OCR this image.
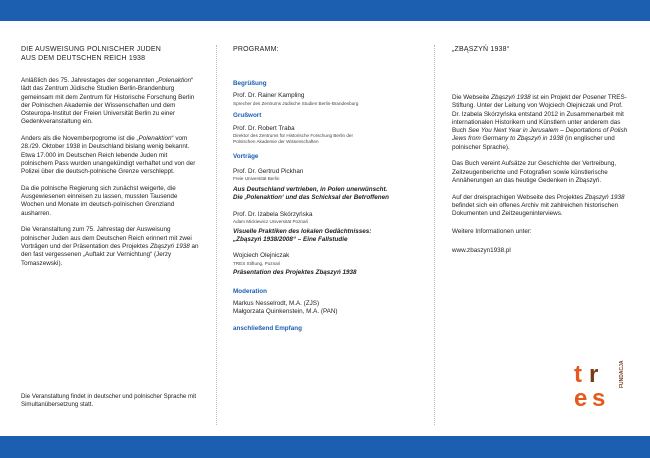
DIE AUSWEISUNG POLNISCHER JUDEN
AUS DEM DEUTSCHEN REICH 1938

Anläßlich des 75. Jahrestages der sogenannten „Polenaktion“ lädt das Zentrum Jüdische Studien Berlin-Brandenburg gemeinsam mit dem Zentrum für Historische Forschung Berlin der Polnischen Akademie der Wissenschaften und dem Osteuropa-Institut der Freien Universität Berlin zu einer Gedenkveranstaltung ein.

Anders als die Novemberpogrome ist die „Polenaktion“ vom 28./29. Oktober 1938 in Deutschland bislang wenig bekannt. Etwa 17.000 im Deutschen Reich lebende Juden mit polnischem Pass wurden unangekündigt verhaftet und von der Polizei über die deutsch-polnische Grenze verschleppt.

Da die polnische Regierung sich zunächst weigerte, die Ausgewiesenen einreisen zu lassen, mussten Tausende Wochen und Monate im deutsch-polnischen Grenzland ausharren.

Die Veranstaltung zum 75. Jahrestag der Ausweisung polnischer Juden aus dem Deutschen Reich erinnert mit zwei Vorträgen und der Präsentation des Projektes Zbąszyń 1938 an den fast vergessenen „Auftakt zur Vernichtung“ (Jerzy Tomaszewski).

Die Veranstaltung findet in deutscher und polnischer Sprache mit Simultanübersetzung statt.
PROGRAMM:
Begrüßung
Prof. Dr. Rainer Kampling
Sprecher des Zentrums Jüdische Studien Berlin-Brandenburg
Grußwort
Prof. Dr. Robert Traba
Direktor des Zentrums für Historische Forschung Berlin der
Polnischen Akademie der Wissenschaften
Vorträge
Prof. Dr. Gertrud Pickhan
Freie Universität Berlin
Aus Deutschland vertrieben, in Polen unerwünscht.
Die ‚Polenaktion‘ und das Schicksal der Betroffenen
Prof. Dr. Izabela Skórzyńska
Adam Mickiewicz Universität Poznań
Visuelle Praktiken des lokalen Gedächtnisses:
„Zbąszyń 1938/2008“ – Eine Fallstudie
Wojciech Olejniczak
TRES Stiftung, Poznań
Präsentation des Projektes Zbąszyń 1938
Moderation
Markus Nesselrodt, M.A. (ZJS)
Małgorzata Quinkenstein, M.A. (PAN)
anschließend Empfang
„ZBĄSZYŃ 1938“

Die Webseite Zbąszyń 1938 ist ein Projekt der Posener TRES-Stiftung. Unter der Leitung von Wojciech Olejniczak und Prof. Dr. Izabela Skórzyńska entstand 2012 in Zusammenarbeit mit internationalen Historikern und Künstlern unter anderem das Buch See You Next Year in Jerusalem – Deportations of Polish Jews from Germany to Zbąszyń in 1938 (in englischer und polnischer Sprache).

Das Buch vereint Aufsätze zur Geschichte der Vertreibung, Zeitzeugenberichte und Fotografien sowie künstlerische Annäherungen an das heutige Gedenken in Zbąszyń.

Auf der dreisprachigen Webseite des Projektes Zbąszyń 1938 befindet sich ein offenes Archiv mit zahlreichen historischen Dokumenten und Zeitzeugeninterviews.

Weitere Informationen unter:

www.zbaszyn1938.pl
t r
e s
FUNDACJA
